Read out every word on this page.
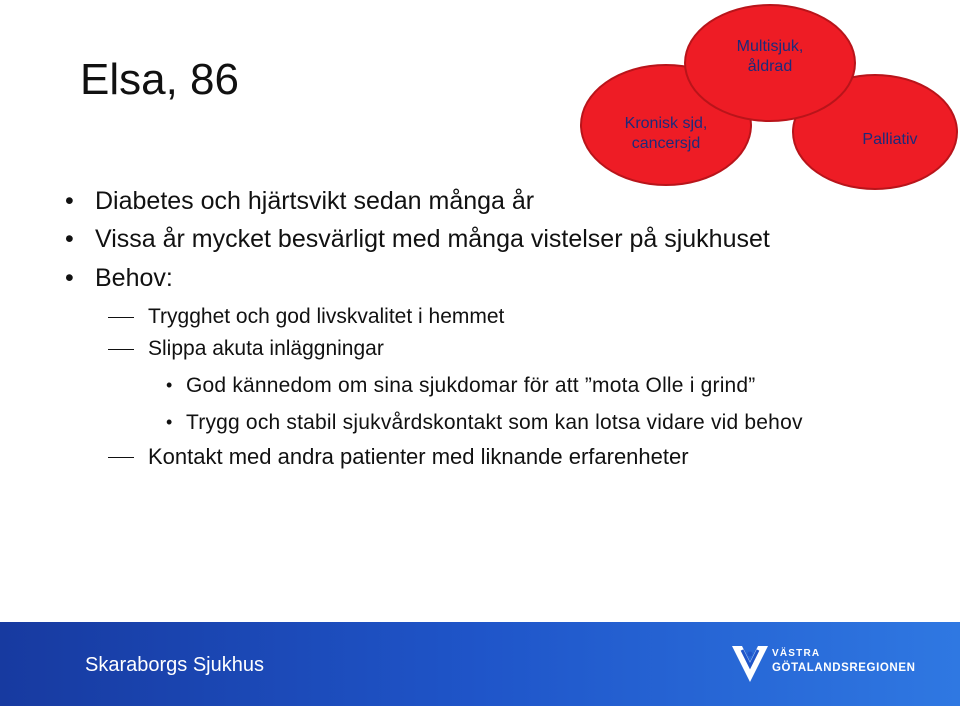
Elsa, 86
Kronisk sjd, cancersjd	Palliativ
Multisjuk, åldrad
• Diabetes och hjärtsvikt sedan många år
• Vissa år mycket besvärligt med många vistelser på sjukhuset
• Behov:
Trygghet och god livskvalitet i hemmet
Slippa akuta inläggningar
• God kännedom om sina sjukdomar för att ”mota Olle i grind”
• Trygg och stabil sjukvårdskontakt som kan lotsa vidare vid behov
Kontakt med andra patienter med liknande erfarenheter
Skaraborgs Sjukhus
VÄSTRA
GÖTALANDSREGIONEN
